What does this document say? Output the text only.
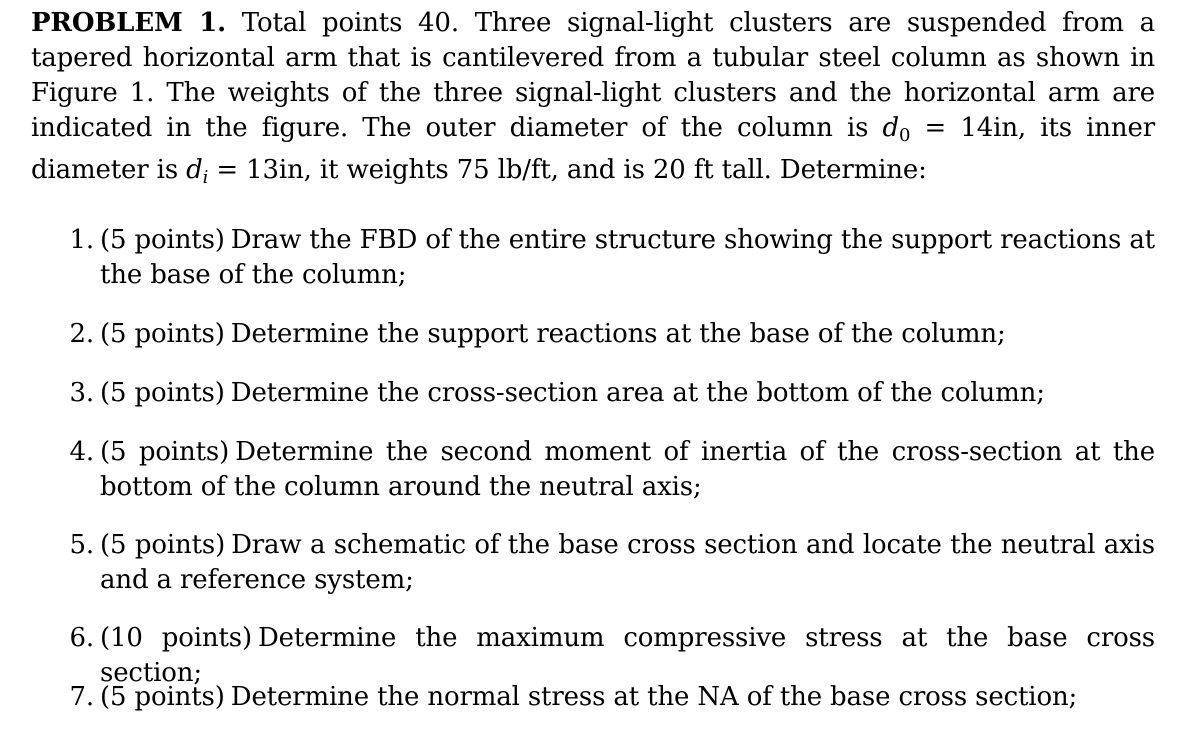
PROBLEM 1. Total points 40. Three signal-light clusters are suspended from a tapered horizontal arm that is cantilevered from a tubular steel column as shown in Figure 1. The weights of the three signal-light clusters and the horizontal arm are indicated in the figure. The outer diameter of the column is $d_0 = 14in$, its inner diameter is di = 13in, it weights 75 lb/ft, and is 20 ft tall. Determine:

1. (5 points) Draw the FBD of the entire structure showing the support reactions at the base of the column;
2. (5 points) Determine the support reactions at the base of the column;
3. (5 points) Determine the cross-section area at the bottom of the column;
4. (5 points) Determine the second moment of inertia of the cross-section at the bottom of the column around the neutral axis;
5. (5 points) Draw a schematic of the base cross section and locate the neutral axis and a reference system;
6. (10 points) Determine the maximum compressive stress at the base cross section;
7. (5 points) Determine the normal stress at the NA of the base cross section;
